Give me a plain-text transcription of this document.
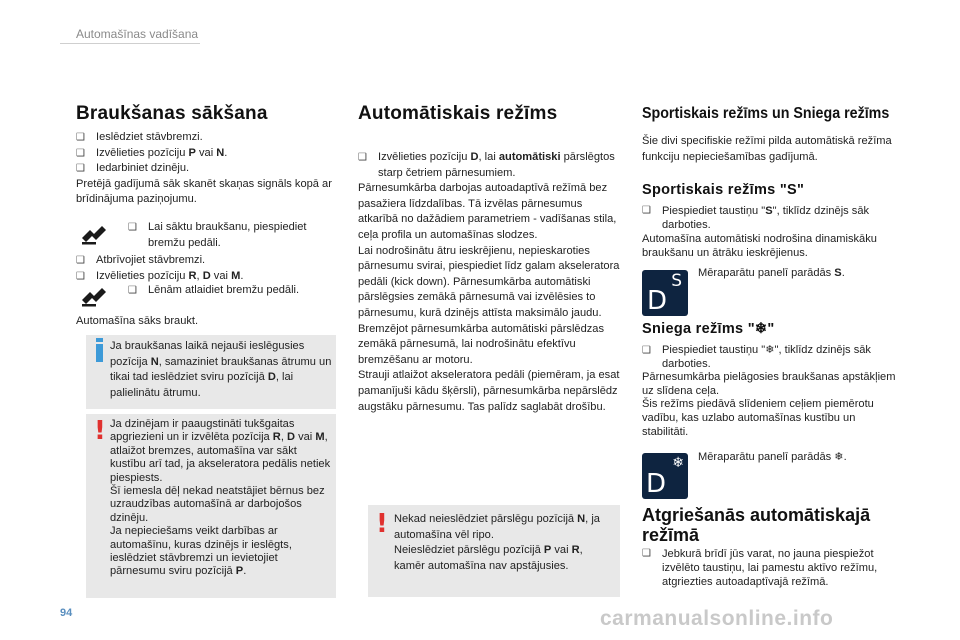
Automašīnas vadīšana
Braukšanas sākšana
❑ Ieslēdziet stāvbremzi.
❑ Izvēlieties pozīciju P vai N.
❑ Iedarbiniet dzinēju.

Pretējā gadījumā sāk skanēt skaņas signāls kopā ar brīdinājuma paziņojumu.

❑ Lai sāktu braukšanu, piespiediet bremžu pedāli.
❑ Atbrīvojiet stāvbremzi.
❑ Izvēlieties pozīciju R, D vai M.
❑ Lēnām atlaidiet bremžu pedāli.
Automašīna sāks braukt.
Ja braukšanas laikā nejauši ieslēgusies pozīcija N, samaziniet braukšanas ātrumu un tikai tad ieslēdziet sviru pozīcijā D, lai palielinātu ātrumu.
! Ja dzinējam ir paaugstināti tukšgaitas apgriezieni un ir izvēlēta pozīcija R, D vai M, atlaižot bremzes, automašīna var sākt kustību arī tad, ja akseleratora pedālis netiek piespiests.

Šī iemesla dēļ nekad neatstājiet bērnus bez uzraudzības automašīnā ar darbojošos dzinēju.

Ja nepieciešams veikt darbības ar automašīnu, kuras dzinējs ir ieslēgts, ieslēdziet stāvbremzi un ievietojiet pārnesumu sviru pozīcijā P.

Automātiskais režīms
❑ Izvēlieties pozīciju D, lai automātiski pārslēgtos starp četriem pārnesumiem.

Pārnesumkārba darbojas autoadaptīvā režīmā bez pasažiera līdzdalības. Tā izvēlas pārnesumus atkarībā no dažādiem parametriem - vadīšanas stila, ceļa profila un automašīnas slodzes.

Lai nodrošinātu ātru ieskrējienu, nepieskaroties pārnesumu svirai, piespiediet līdz galam akseleratora pedāli (kick down). Pārnesumkārba automātiski pārslēgsies zemākā pārnesumā vai izvēlēsies to pārnesumu, kurā dzinējs attīsta maksimālo jaudu.

Bremzējot pārnesumkārba automātiski pārslēdzas zemākā pārnesumā, lai nodrošinātu efektīvu bremzēšanu ar motoru.

Strauji atlaižot akseleratora pedāli (piemēram, ja esat pamanījuši kādu šķērsli), pārnesumkārba nepārslēdz augstāku pārnesumu. Tas palīdz saglabāt drošību.

! Nekad neieslēdziet pārslēgu pozīcijā N, ja automašīna vēl ripo.

Neieslēdziet pārslēgu pozīcijā P vai R, kamēr automašīna nav apstājusies.

Sportiskais režīms un Sniega režīms
Šie divi specifiskie režīmi pilda automātiskā režīma funkciju nepieciešamības gadījumā.
Sportiskais režīms "S"
❑ Piespiediet taustiņu "S", tiklīdz dzinējs sāk darboties.

Automašīna automātiski nodrošina dinamiskāku braukšanu un ātrāku ieskrējienus.

S
D
Mēraparātu panelī parādās S.
Sniega režīms "❄"
❑ Piespiediet taustiņu "❄", tiklīdz dzinējs sāk darboties.

Pārnesumkārba pielāgosies braukšanas apstākļiem uz slīdena ceļa.

Šis režīms piedāvā slīdeniem ceļiem piemērotu vadību, kas uzlabo automašīnas kustību un stabilitāti.

D
❄ Mēraparātu panelī parādās ❄.
Atgriešanās automātiskajā režīmā
❑ Jebkurā brīdī jūs varat, no jauna piespiežot izvēlēto taustiņu, lai pamestu aktīvo režīmu, atgriezties autoadaptīvajā režīmā.
94	carmanualsonline.info
